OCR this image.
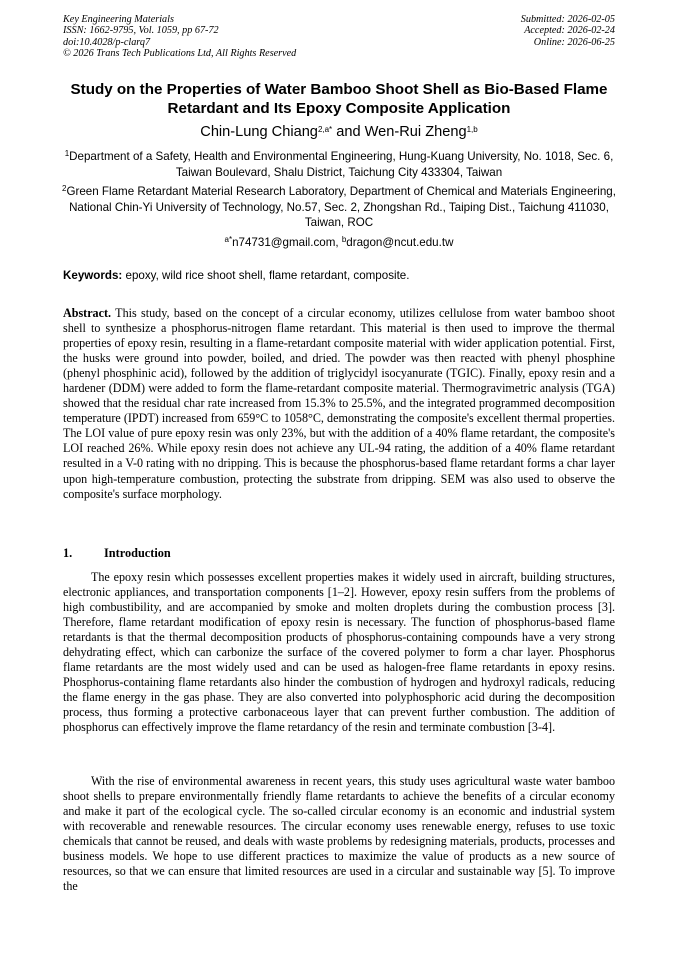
Key Engineering Materials
ISSN: 1662-9795, Vol. 1059, pp 67-72
doi:10.4028/p-clarq7
© 2026 Trans Tech Publications Ltd, All Rights Reserved
Submitted: 2026-02-05
Accepted: 2026-02-24
Online: 2026-06-25
Study on the Properties of Water Bamboo Shoot Shell as Bio-Based Flame Retardant and Its Epoxy Composite Application
Chin-Lung Chiang$^{2,a*}$ and Wen-Rui Zheng$^{1,b}$
$^1$Department of a Safety, Health and Environmental Engineering, Hung-Kuang University, No. 1018, Sec. 6, Taiwan Boulevard, Shalu District, Taichung City 433304, Taiwan
$^2$Green Flame Retardant Material Research Laboratory, Department of Chemical and Materials Engineering, National Chin-Yi University of Technology, No.57, Sec. 2, Zhongshan Rd., Taiping Dist., Taichung 411030, Taiwan, ROC
$^{a*}$n74731@gmail.com, $^b$dragon@ncut.edu.tw
Keywords: epoxy, wild rice shoot shell, flame retardant, composite.

Abstract. This study, based on the concept of a circular economy, utilizes cellulose from water bamboo shoot shell to synthesize a phosphorus-nitrogen flame retardant. This material is then used to improve the thermal properties of epoxy resin, resulting in a flame-retardant composite material with wider application potential. First, the husks were ground into powder, boiled, and dried. The powder was then reacted with phenyl phosphine (phenyl phosphinic acid), followed by the addition of triglycidyl isocyanurate (TGIC). Finally, epoxy resin and a hardener (DDM) were added to form the flame-retardant composite material. Thermogravimetric analysis (TGA) showed that the residual char rate increased from 15.3% to 25.5%, and the integrated programmed decomposition temperature (IPDT) increased from 659°C to 1058°C, demonstrating the composite's excellent thermal properties. The LOI value of pure epoxy resin was only 23%, but with the addition of a 40% flame retardant, the composite's LOI reached 26%. While epoxy resin does not achieve any UL-94 rating, the addition of a 40% flame retardant resulted in a V-0 rating with no dripping. This is because the phosphorus-based flame retardant forms a char layer upon high-temperature combustion, protecting the substrate from dripping. SEM was also used to observe the composite's surface morphology.

1.	Introduction

The epoxy resin which possesses excellent properties makes it widely used in aircraft, building structures, electronic appliances, and transportation components [1–2]. However, epoxy resin suffers from the problems of high combustibility, and are accompanied by smoke and molten droplets during the combustion process [3]. Therefore, flame retardant modification of epoxy resin is necessary. The function of phosphorus-based flame retardants is that the thermal decomposition products of phosphorus-containing compounds have a very strong dehydrating effect, which can carbonize the surface of the covered polymer to form a char layer. Phosphorus flame retardants are the most widely used and can be used as halogen-free flame retardants in epoxy resins. Phosphorus-containing flame retardants also hinder the combustion of hydrogen and hydroxyl radicals, reducing the flame energy in the gas phase. They are also converted into polyphosphoric acid during the decomposition process, thus forming a protective carbonaceous layer that can prevent further combustion. The addition of phosphorus can effectively improve the flame retardancy of the resin and terminate combustion [3-4].

With the rise of environmental awareness in recent years, this study uses agricultural waste water bamboo shoot shells to prepare environmentally friendly flame retardants to achieve the benefits of a circular economy and make it part of the ecological cycle. The so-called circular economy is an economic and industrial system with recoverable and renewable resources. The circular economy uses renewable energy, refuses to use toxic chemicals that cannot be reused, and deals with waste problems by redesigning materials, products, processes and business models. We hope to use different practices to maximize the value of products as a new source of resources, so that we can ensure that limited resources are used in a circular and sustainable way [5]. To improve the
